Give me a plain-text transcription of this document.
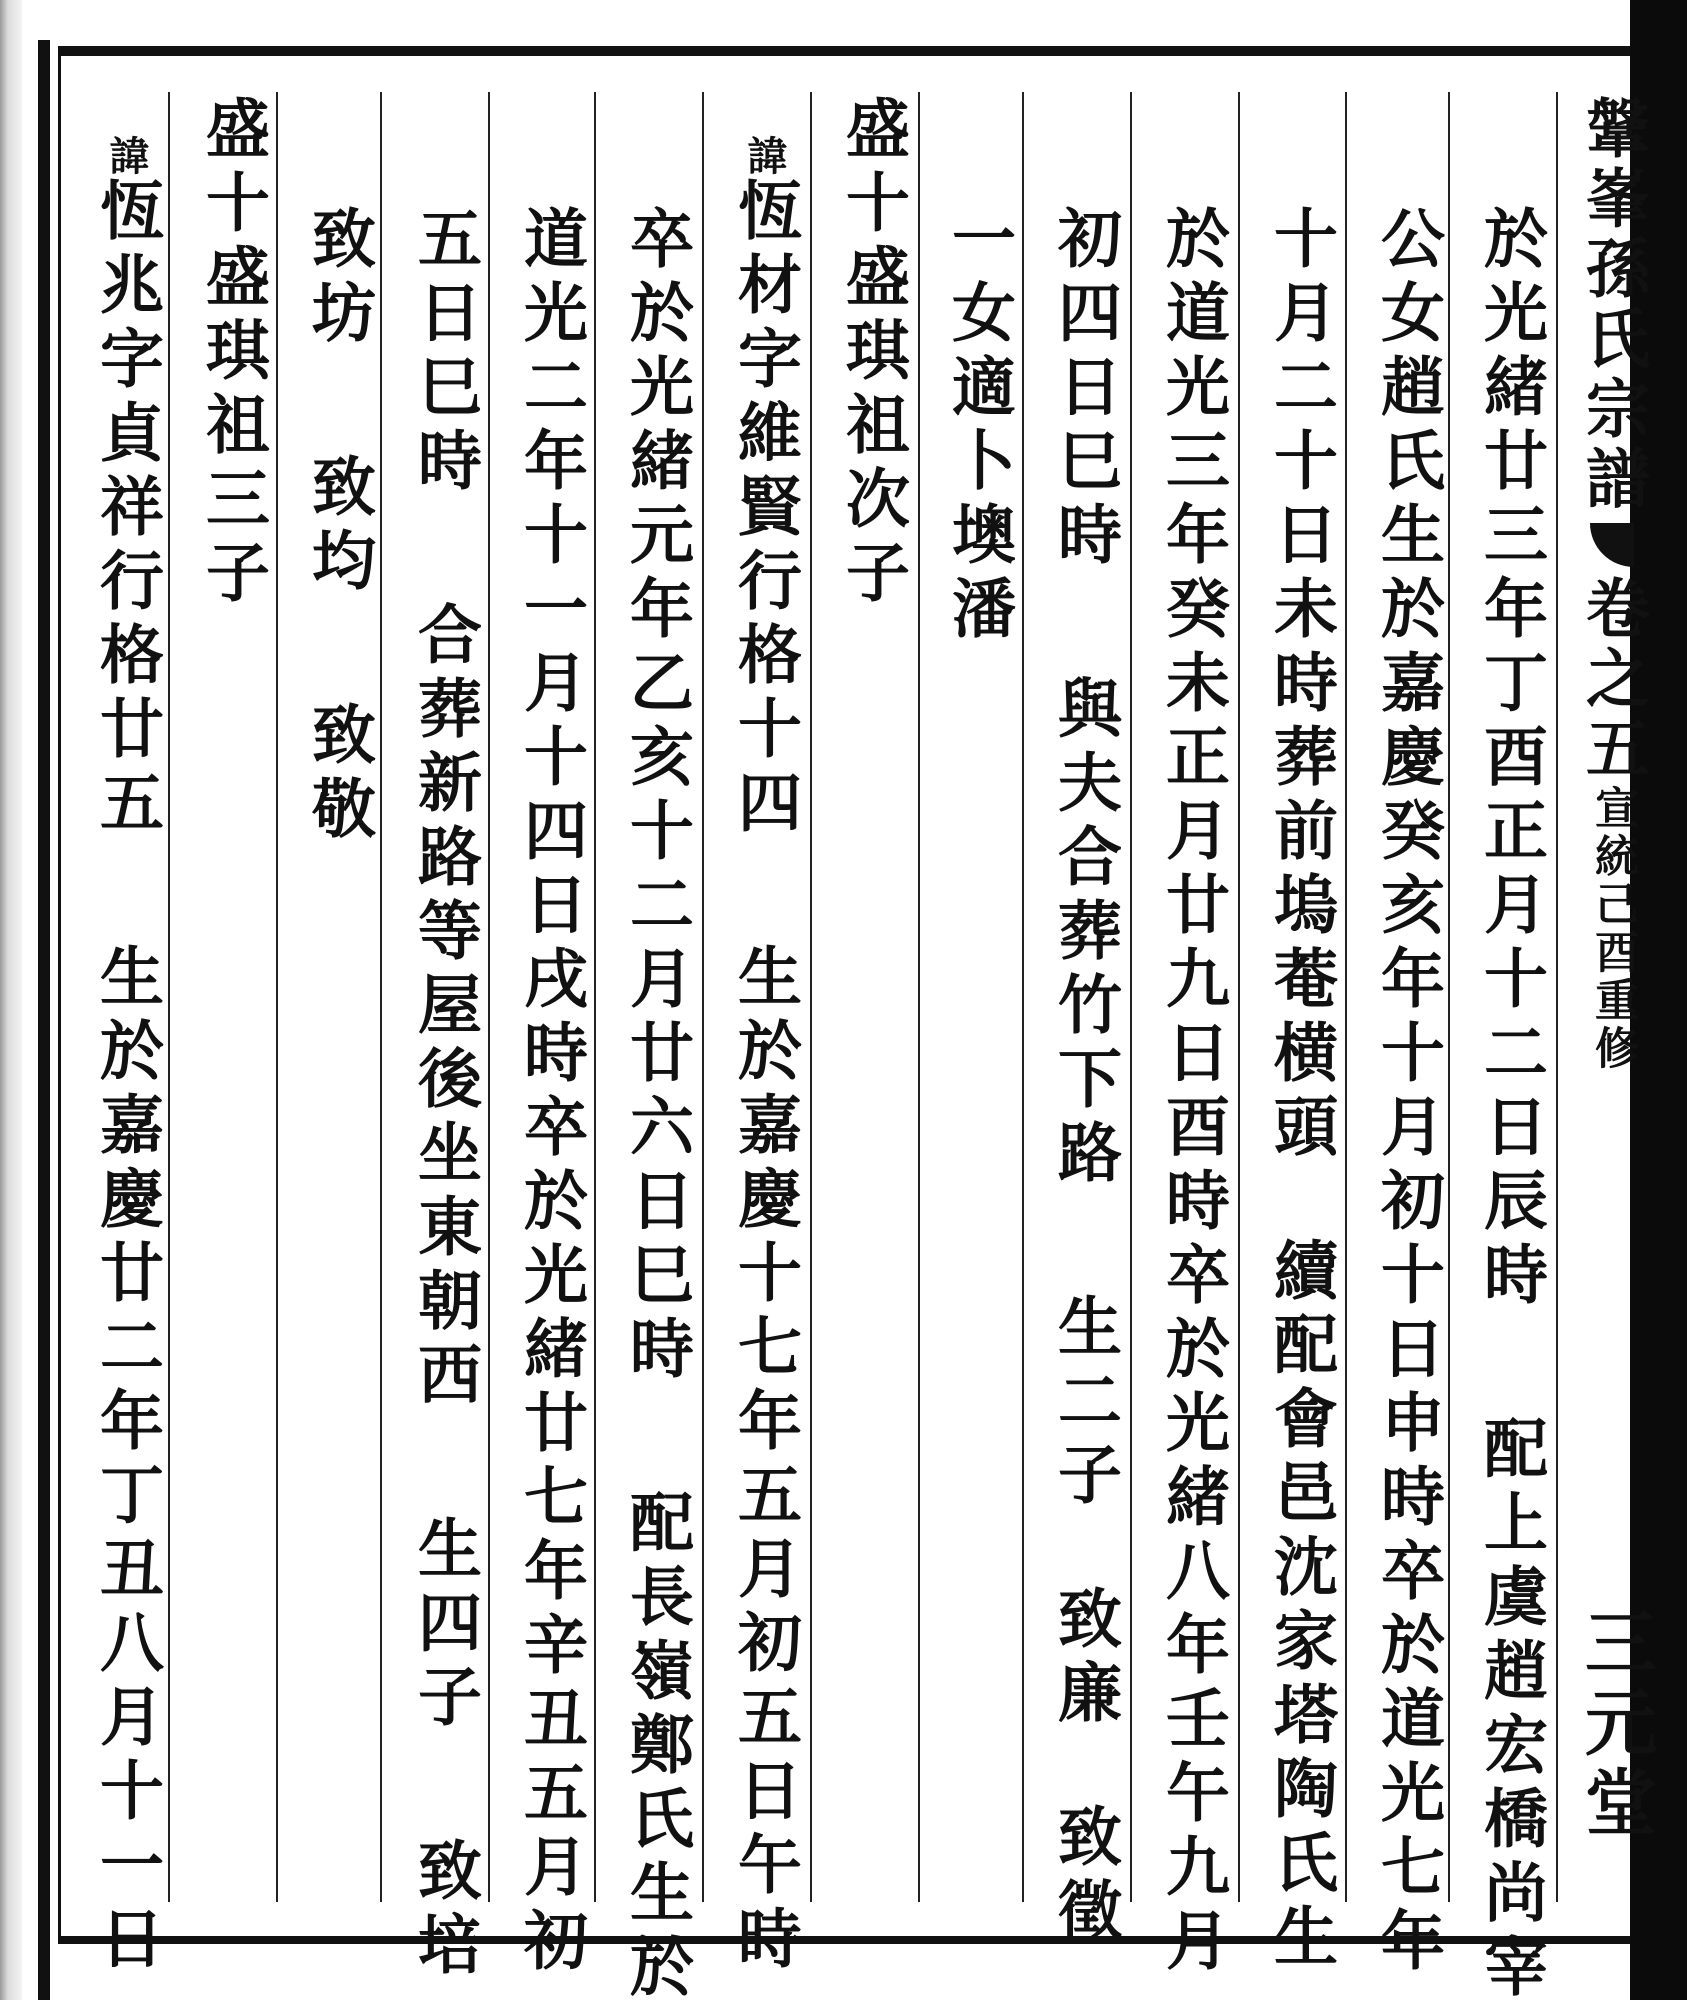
鞶峯孫氏宗譜卷之五宣統己酉重修
三元堂
於光緒廿三年丁酉正月十二日辰時配上虞趙宏橋尚宰
公女趙氏生於嘉慶癸亥年十月初十日申時卒於道光七年
十月二十日未時葬前塢菴横頭續配會邑沈家塔陶氏生
於道光三年癸未正月廿九日酉時卒於光緒八年壬午九月
初四日巳時與夫合葬竹下路生二子致廉致徵
一女適卜墺潘
盛十盛琪祖次子
諱恆材字維賢行格十四生於嘉慶十七年五月初五日午時
卒於光緒元年乙亥十二月廿六日巳時配長嶺鄭氏生於
道光二年十一月十四日戌時卒於光緒廿七年辛丑五月初
五日巳時合葬新路等屋後坐東朝西生四子致培
致坊致均致敬
盛十盛琪祖三子
諱恆兆字貞祥行格廿五生於嘉慶廿二年丁丑八月十一日
